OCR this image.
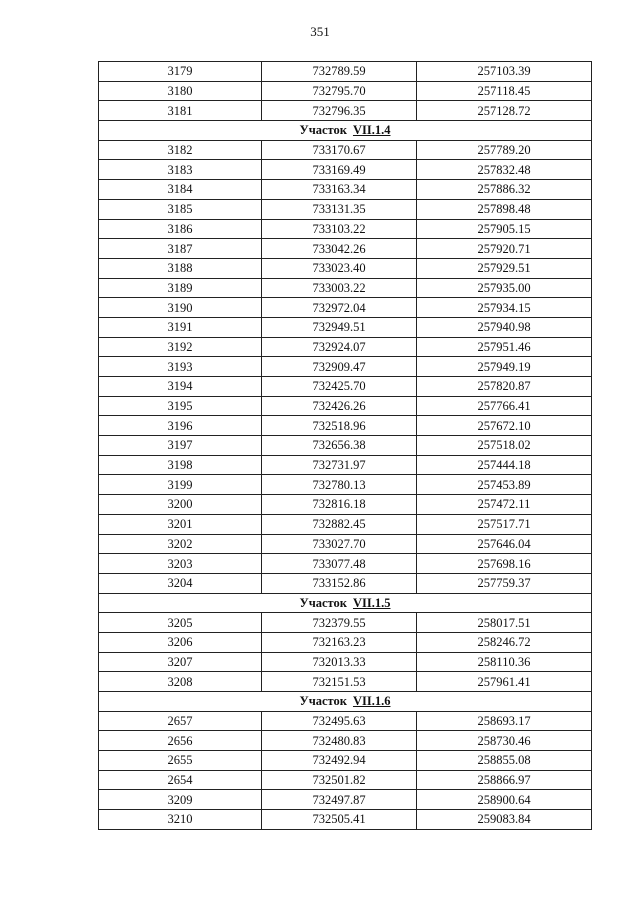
351
3179	732789.59	257103.39
3180	732795.70	257118.45
3181	732796.35	257128.72
Участок VII.1.4		
3182	733170.67	257789.20
3183	733169.49	257832.48
3184	733163.34	257886.32
3185	733131.35	257898.48
3186	733103.22	257905.15
3187	733042.26	257920.71
3188	733023.40	257929.51
3189	733003.22	257935.00
3190	732972.04	257934.15
3191	732949.51	257940.98
3192	732924.07	257951.46
3193	732909.47	257949.19
3194	732425.70	257820.87
3195	732426.26	257766.41
3196	732518.96	257672.10
3197	732656.38	257518.02
3198	732731.97	257444.18
3199	732780.13	257453.89
3200	732816.18	257472.11
3201	732882.45	257517.71
3202	733027.70	257646.04
3203	733077.48	257698.16
3204	733152.86	257759.37
Участок VII.1.5		
3205	732379.55	258017.51
3206	732163.23	258246.72
3207	732013.33	258110.36
3208	732151.53	257961.41
Участок VII.1.6		
2657	732495.63	258693.17
2656	732480.83	258730.46
2655	732492.94	258855.08
2654	732501.82	258866.97
3209	732497.87	258900.64
3210	732505.41	259083.84
